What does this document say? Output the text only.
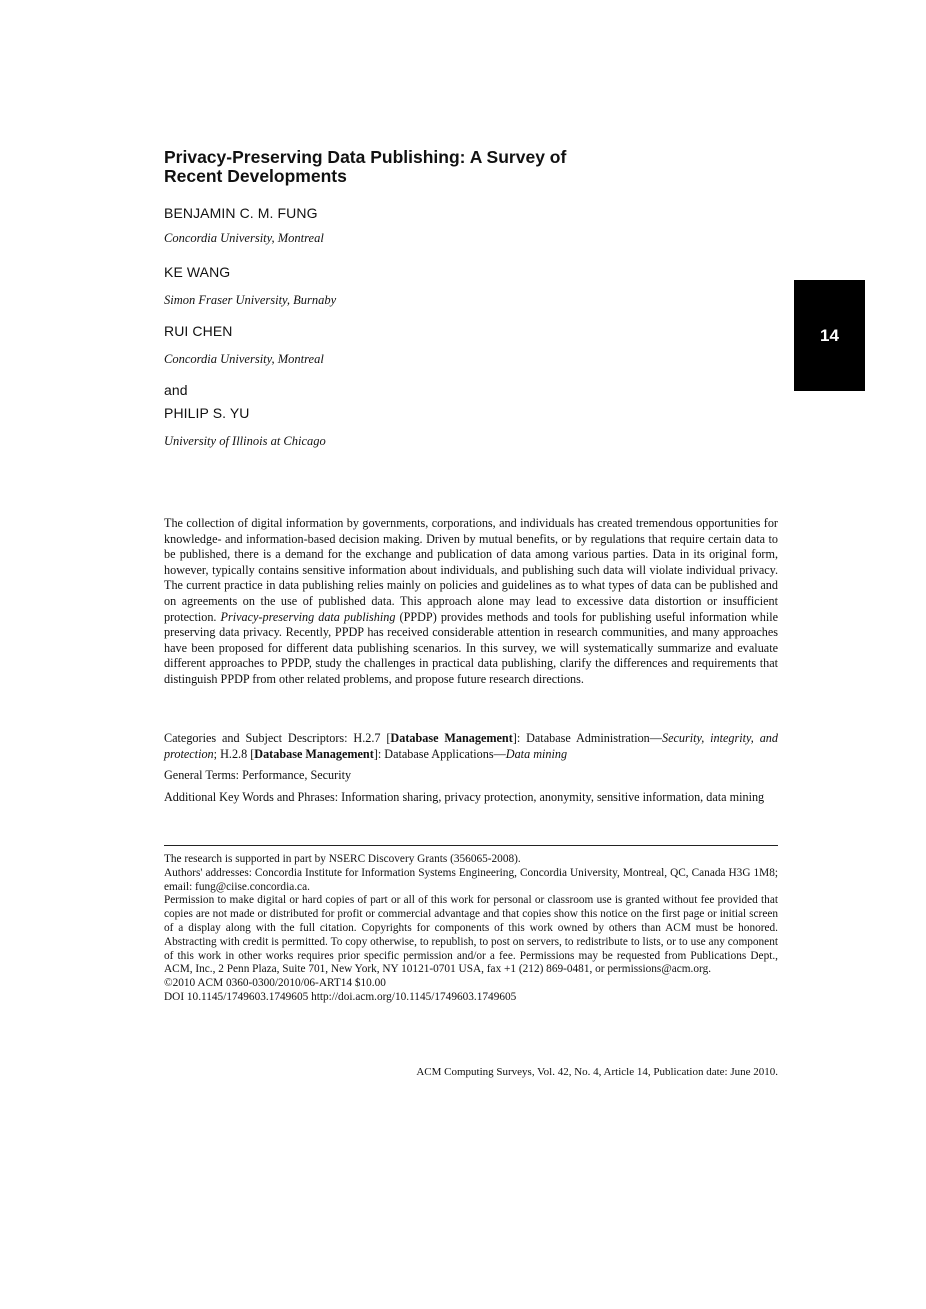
Privacy-Preserving Data Publishing: A Survey of Recent Developments
BENJAMIN C. M. FUNG
Concordia University, Montreal
KE WANG
Simon Fraser University, Burnaby
RUI CHEN
Concordia University, Montreal
and
PHILIP S. YU
University of Illinois at Chicago
14

The collection of digital information by governments, corporations, and individuals has created tremendous opportunities for knowledge- and information-based decision making. Driven by mutual benefits, or by regulations that require certain data to be published, there is a demand for the exchange and publication of data among various parties. Data in its original form, however, typically contains sensitive information about individuals, and publishing such data will violate individual privacy. The current practice in data publishing relies mainly on policies and guidelines as to what types of data can be published and on agreements on the use of published data. This approach alone may lead to excessive data distortion or insufficient protection. Privacy-preserving data publishing (PPDP) provides methods and tools for publishing useful information while preserving data privacy. Recently, PPDP has received considerable attention in research communities, and many approaches have been proposed for different data publishing scenarios. In this survey, we will systematically summarize and evaluate different approaches to PPDP, study the challenges in practical data publishing, clarify the differences and requirements that distinguish PPDP from other related problems, and propose future research directions.

Categories and Subject Descriptors: H.2.7 [Database Management]: Database Administration—Security, integrity, and protection; H.2.8 [Database Management]: Database Applications—Data mining

General Terms: Performance, Security

Additional Key Words and Phrases: Information sharing, privacy protection, anonymity, sensitive information, data mining

The research is supported in part by NSERC Discovery Grants (356065-2008).

Authors' addresses: Concordia Institute for Information Systems Engineering, Concordia University, Montreal, QC, Canada H3G 1M8; email: fung@ciise.concordia.ca.

Permission to make digital or hard copies of part or all of this work for personal or classroom use is granted without fee provided that copies are not made or distributed for profit or commercial advantage and that copies show this notice on the first page or initial screen of a display along with the full citation. Copyrights for components of this work owned by others than ACM must be honored. Abstracting with credit is permitted. To copy otherwise, to republish, to post on servers, to redistribute to lists, or to use any component of this work in other works requires prior specific permission and/or a fee. Permissions may be requested from Publications Dept., ACM, Inc., 2 Penn Plaza, Suite 701, New York, NY 10121-0701 USA, fax +1 (212) 869-0481, or permissions@acm.org.

©2010 ACM 0360-0300/2010/06-ART14 $10.00

DOI 10.1145/1749603.1749605 http://doi.acm.org/10.1145/1749603.1749605

ACM Computing Surveys, Vol. 42, No. 4, Article 14, Publication date: June 2010.
